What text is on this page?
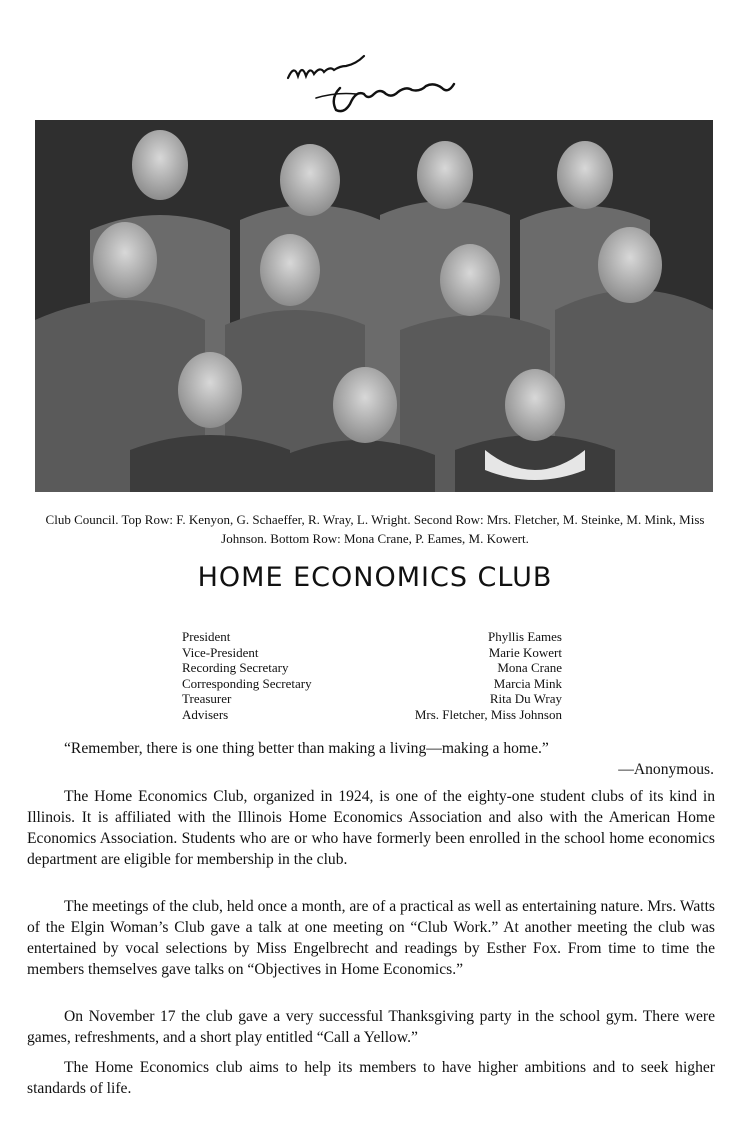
Club Council. Top Row: F. Kenyon, G. Schaeffer, R. Wray, L. Wright. Second Row: Mrs. Fletcher, M. Steinke, M. Mink, Miss Johnson. Bottom Row: Mona Crane, P. Eames, M. Kowert.
HOME ECONOMICS CLUB
President	Phyllis Eames
Vice-President	Marie Kowert
Recording Secretary	Mona Crane
Corresponding Secretary	Marcia Mink
Treasurer	Rita Du Wray
Advisers	Mrs. Fletcher, Miss Johnson
“Remember, there is one thing better than making a living—making a home.”
—Anonymous.

The Home Economics Club, organized in 1924, is one of the eighty-one student clubs of its kind in Illinois. It is affiliated with the Illinois Home Economics Association and also with the American Home Economics Association. Students who are or who have formerly been enrolled in the school home economics department are eligible for membership in the club.

The meetings of the club, held once a month, are of a practical as well as entertaining nature. Mrs. Watts of the Elgin Woman’s Club gave a talk at one meeting on “Club Work.” At another meeting the club was entertained by vocal selections by Miss Engelbrecht and readings by Esther Fox. From time to time the members themselves gave talks on “Objectives in Home Economics.”

On November 17 the club gave a very successful Thanksgiving party in the school gym. There were games, refreshments, and a short play entitled “Call a Yellow.”

The Home Economics club aims to help its members to have higher ambitions and to seek higher standards of life.
